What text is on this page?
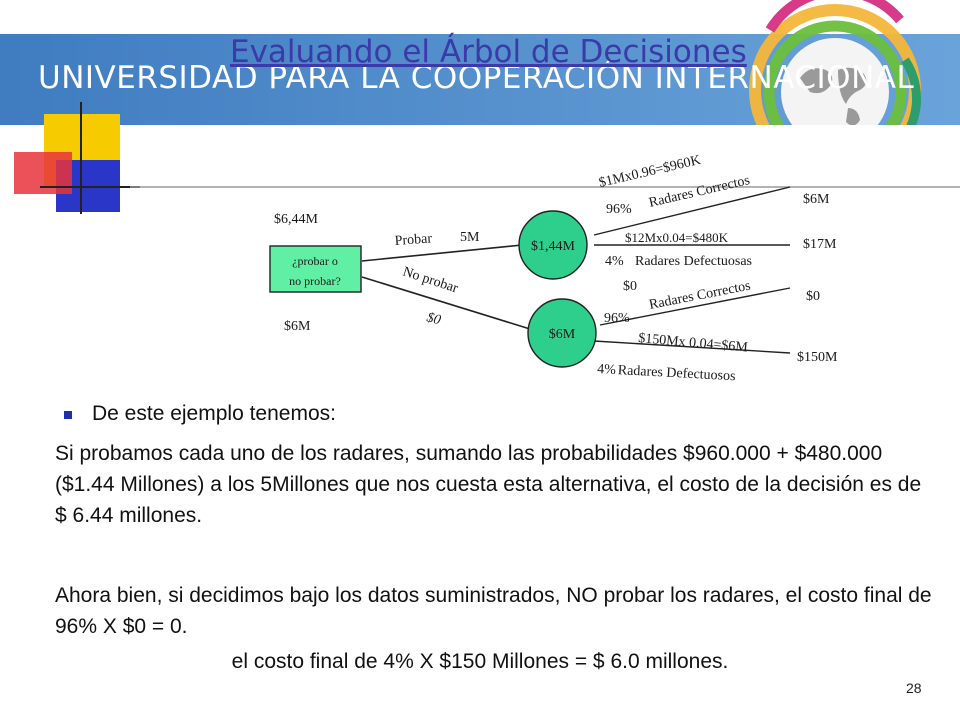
UNIVERSIDAD PARA LA COOPERACIÓN INTERNACIONAL
Evaluando el Árbol de Decisiones
¿probar o
no probar?
$6,44M
$6M
Probar 5M
No probar
$0
$1,44M
$6M
$1Mx0.96=$960K
96% Radares Correctos	$6M
$12Mx0.04=$480K
4% Radares Defectuosas
$17M
$0
96%
Radares Correctos	$0
$150Mx 0.04=$6M
4%Radares Defectuosos
$150M
De este ejemplo tenemos:

Si probamos cada uno de los radares, sumando las probabilidades $960.000 + $480.000 ($1.44 Millones) a los 5Millones que nos cuesta esta alternativa, el costo de la decisión es de $ 6.44 millones.

Ahora bien, si decidimos bajo los datos suministrados, NO probar los radares, el costo final de 96% X $0 = 0.

el costo final de 4% X $150 Millones = $ 6.0 millones.

28
